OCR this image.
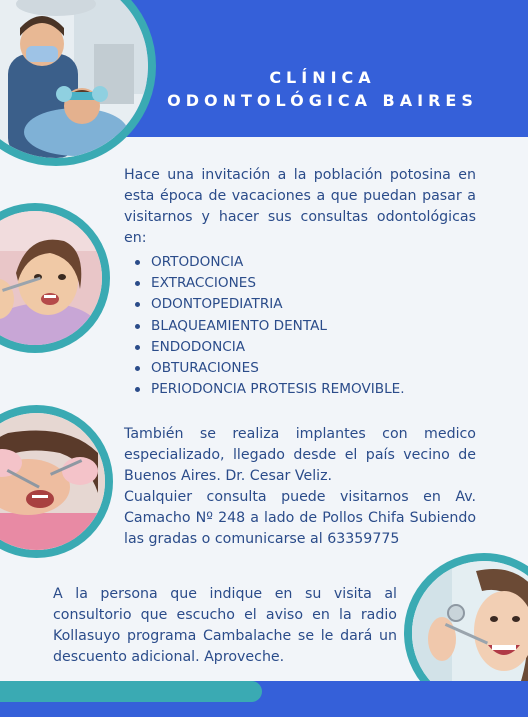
CLÍNICA
ODONTOLÓGICA BAIRES

Hace una invitación a la población potosina en esta época de vacaciones a que puedan pasar a visitarnos y hacer sus consultas odontológicas en:

ORTODONCIA
EXTRACCIONES
ODONTOPEDIATRIA
BLAQUEAMIENTO DENTAL
ENDODONCIA
OBTURACIONES
PERIODONCIA PROTESIS REMOVIBLE.

También se realiza implantes con medico especializado, llegado desde el país vecino de Buenos Aires. Dr. Cesar Veliz.

Cualquier consulta puede visitarnos en Av. Camacho Nº 248 a lado de Pollos Chifa Subiendo las gradas o comunicarse al 63359775

A la persona que indique en su visita al consultorio que escucho el aviso en la radio Kollasuyo programa Cambalache se le dará un descuento adicional. Aproveche.
